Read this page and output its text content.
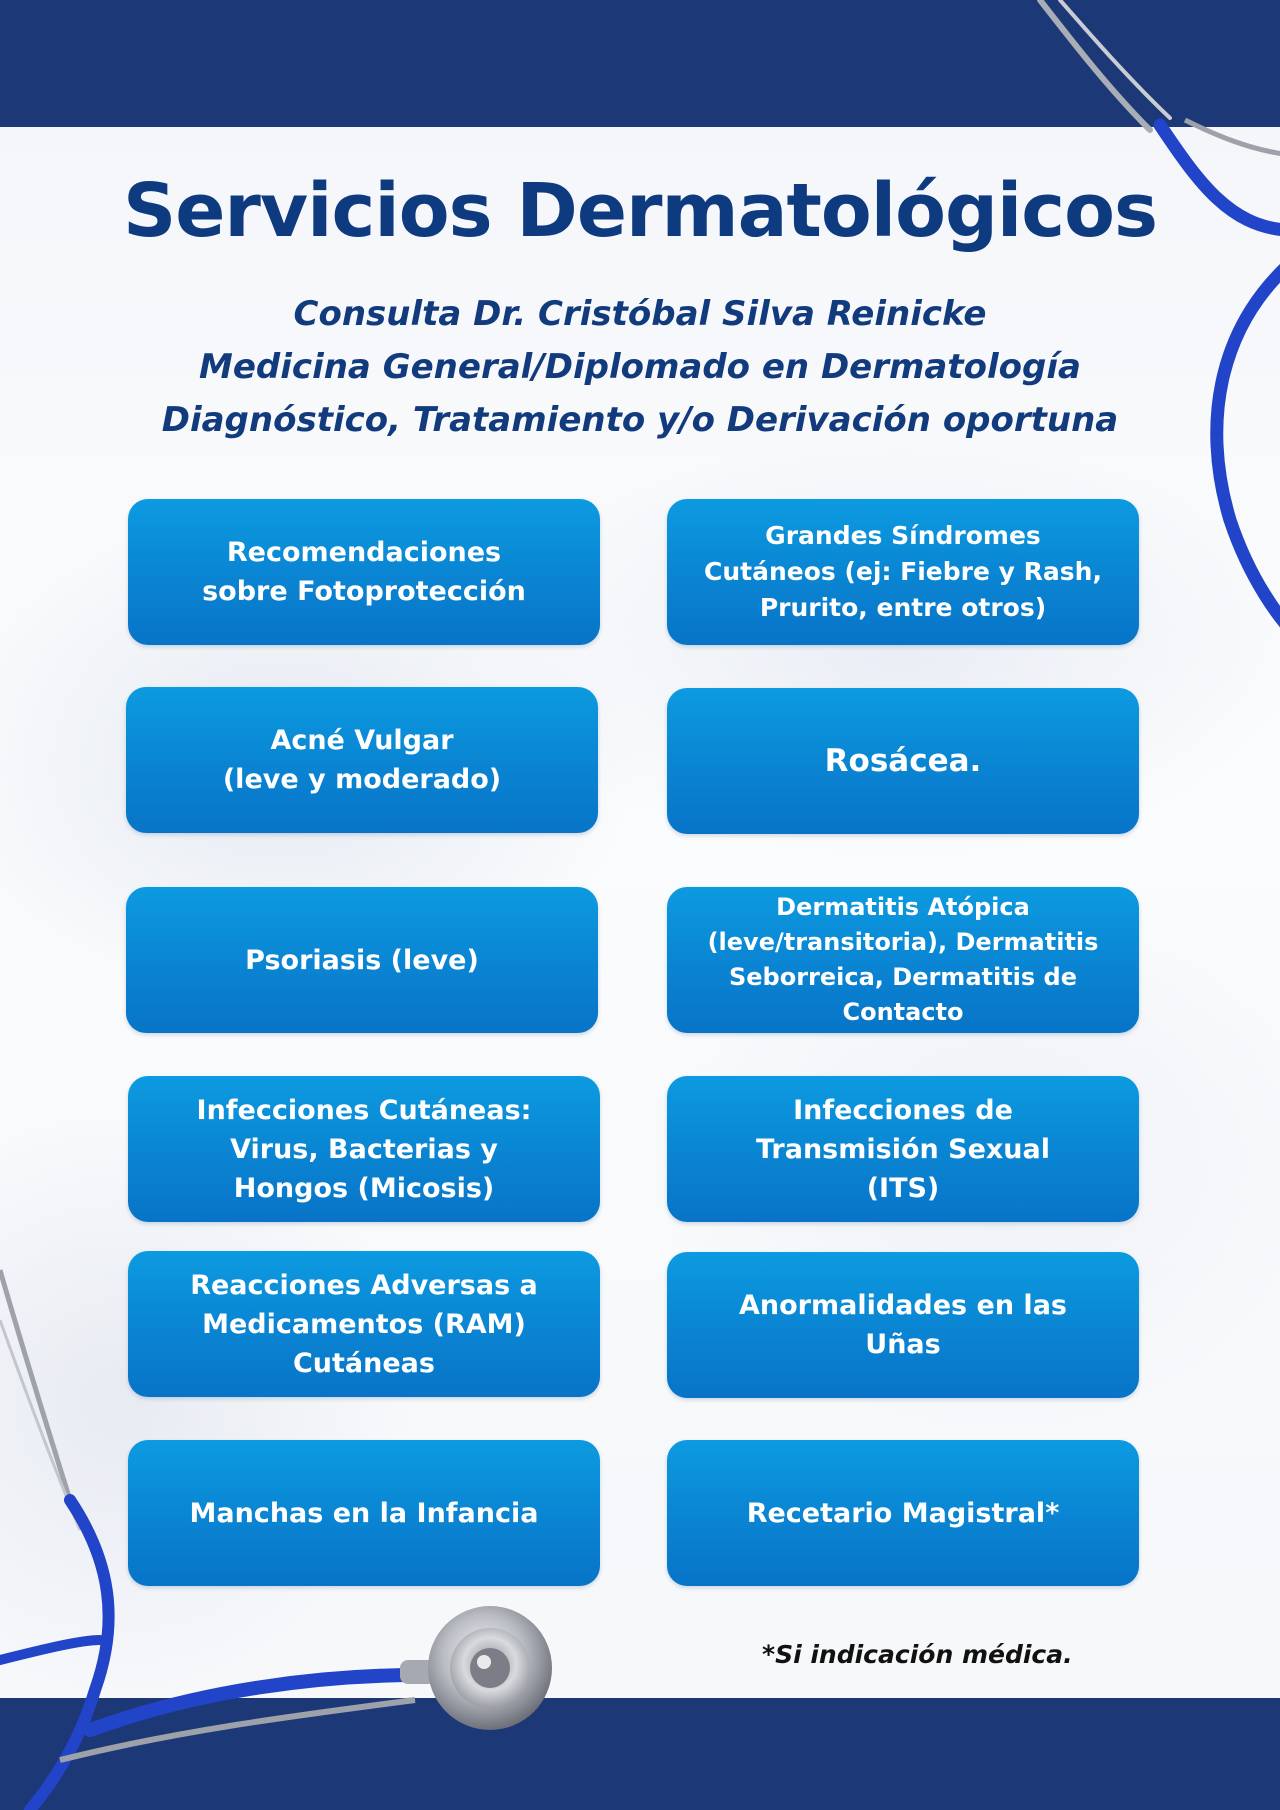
Servicios Dermatológicos

Consulta Dr. Cristóbal Silva Reinicke

Medicina General/Diplomado en Dermatología

Diagnóstico, Tratamiento y/o Derivación oportuna

Recomendaciones
sobre Fotoprotección
Grandes Síndromes
Cutáneos (ej: Fiebre y Rash,
Prurito, entre otros)
Acné Vulgar
(leve y moderado)
Rosácea.
Psoriasis (leve)
Dermatitis Atópica
(leve/transitoria), Dermatitis
Seborreica, Dermatitis de
Contacto
Infecciones Cutáneas:
Virus, Bacterias y
Hongos (Micosis)
Infecciones de
Transmisión Sexual
(ITS)
Reacciones Adversas a
Medicamentos (RAM)
Cutáneas
Anormalidades en las
Uñas
Manchas en la Infancia	Recetario Magistral*

*Si indicación médica.
